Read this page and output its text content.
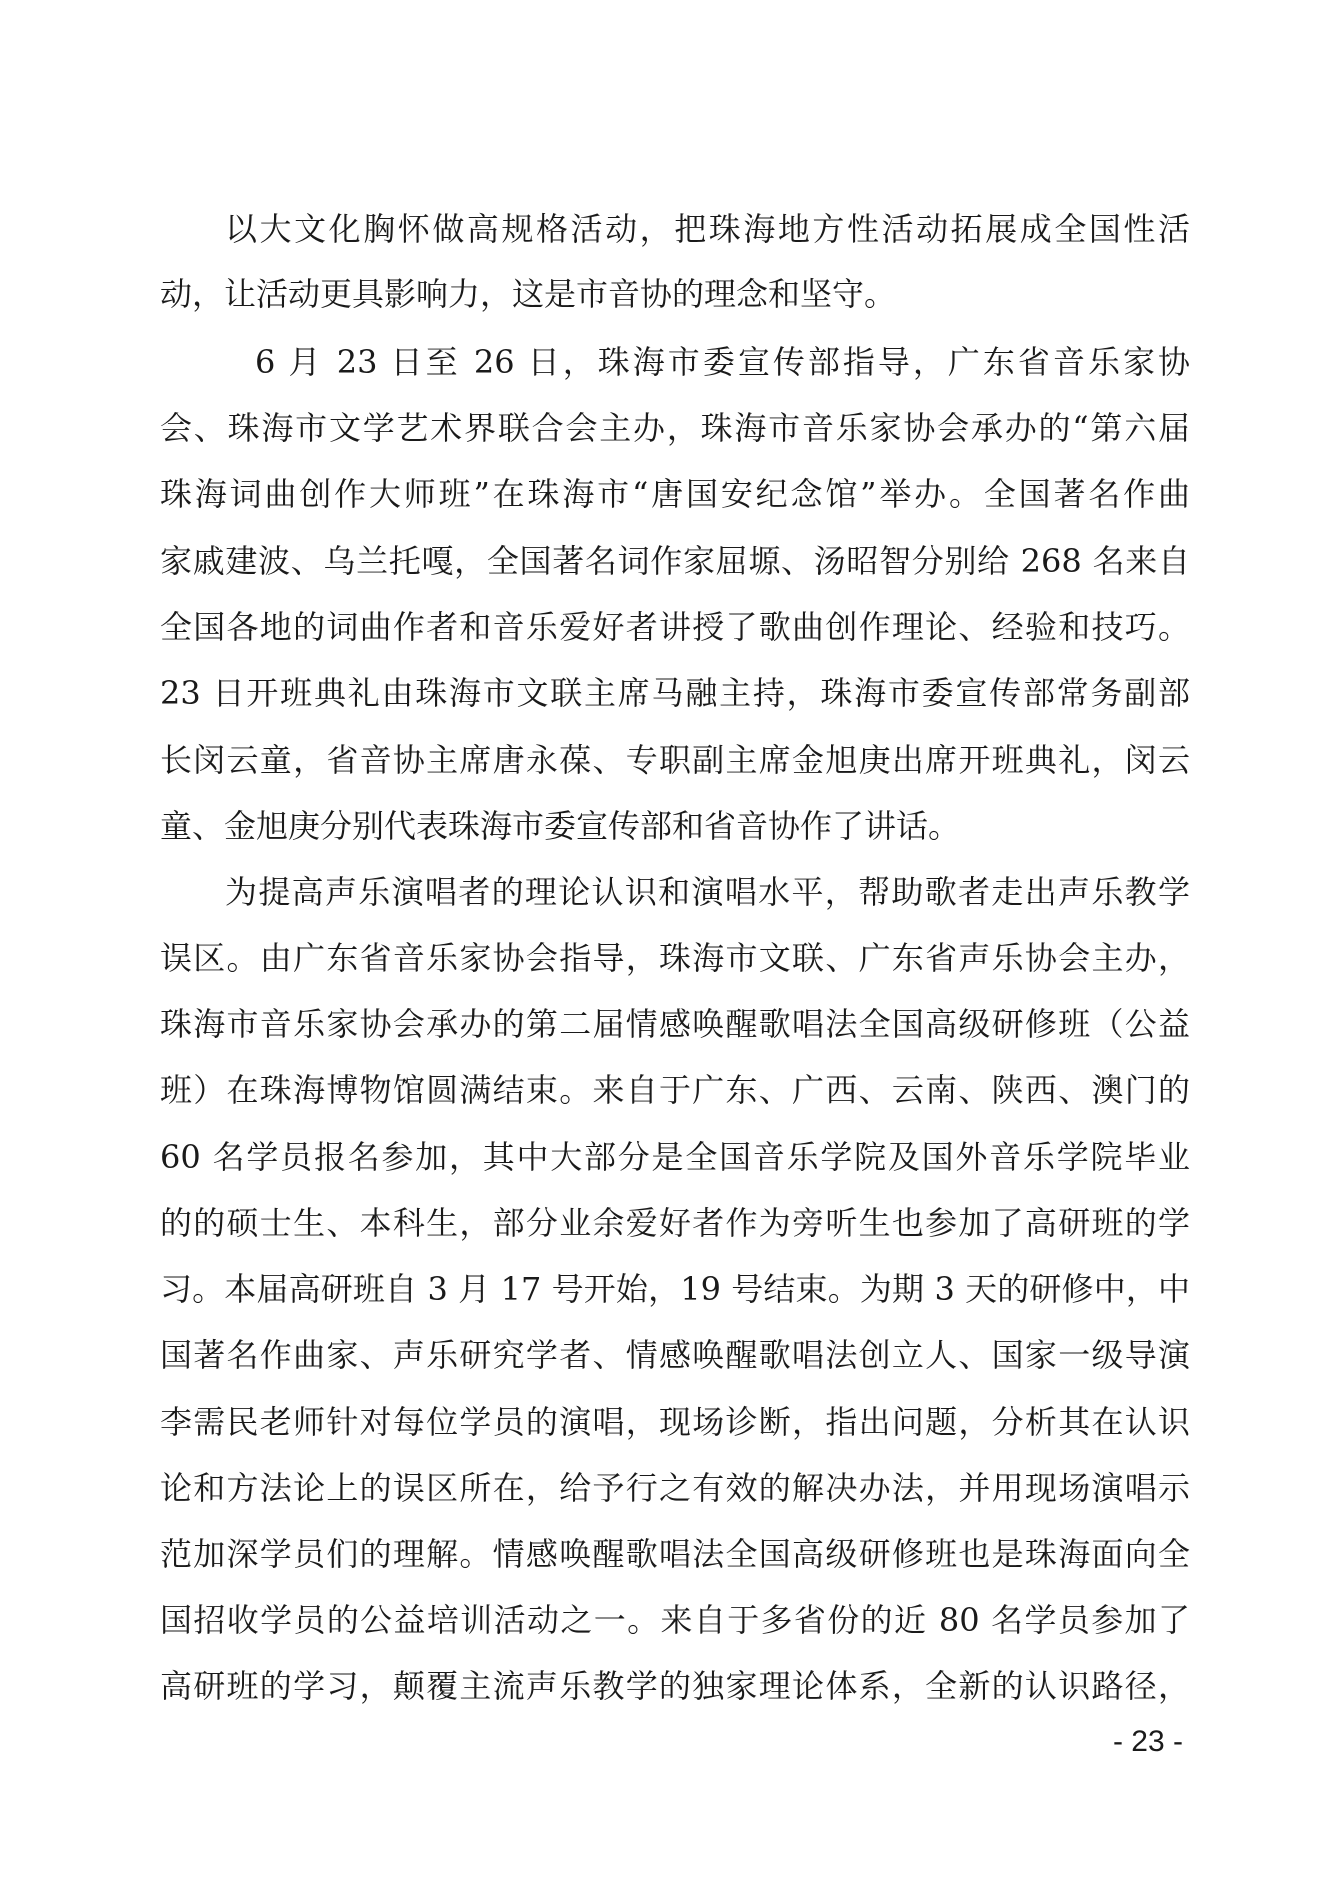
以大文化胸怀做高规格活动，把珠海地方性活动拓展成全国性活

动，让活动更具影响力，这是市音协的理念和坚守。

6 月 23 日至 26 日，珠海市委宣传部指导，广东省音乐家协

会、珠海市文学艺术界联合会主办，珠海市音乐家协会承办的“第六届

珠海词曲创作大师班”在珠海市“唐国安纪念馆”举办。全国著名作曲

家戚建波、乌兰托嘎，全国著名词作家屈塬、汤昭智分别给 268 名来自

全国各地的词曲作者和音乐爱好者讲授了歌曲创作理论、经验和技巧。

23 日开班典礼由珠海市文联主席马融主持，珠海市委宣传部常务副部

长闵云童，省音协主席唐永葆、专职副主席金旭庚出席开班典礼，闵云

童、金旭庚分别代表珠海市委宣传部和省音协作了讲话。

为提高声乐演唱者的理论认识和演唱水平，帮助歌者走出声乐教学

误区。由广东省音乐家协会指导，珠海市文联、广东省声乐协会主办，

珠海市音乐家协会承办的第二届情感唤醒歌唱法全国高级研修班（公益

班）在珠海博物馆圆满结束。来自于广东、广西、云南、陕西、澳门的

60 名学员报名参加，其中大部分是全国音乐学院及国外音乐学院毕业

的的硕士生、本科生，部分业余爱好者作为旁听生也参加了高研班的学

习。本届高研班自 3 月 17 号开始，19 号结束。为期 3 天的研修中，中

国著名作曲家、声乐研究学者、情感唤醒歌唱法创立人、国家一级导演

李需民老师针对每位学员的演唱，现场诊断，指出问题，分析其在认识

论和方法论上的误区所在，给予行之有效的解决办法，并用现场演唱示

范加深学员们的理解。情感唤醒歌唱法全国高级研修班也是珠海面向全

国招收学员的公益培训活动之一。来自于多省份的近 80 名学员参加了

高研班的学习，颠覆主流声乐教学的独家理论体系，全新的认识路径，

- 23 -
